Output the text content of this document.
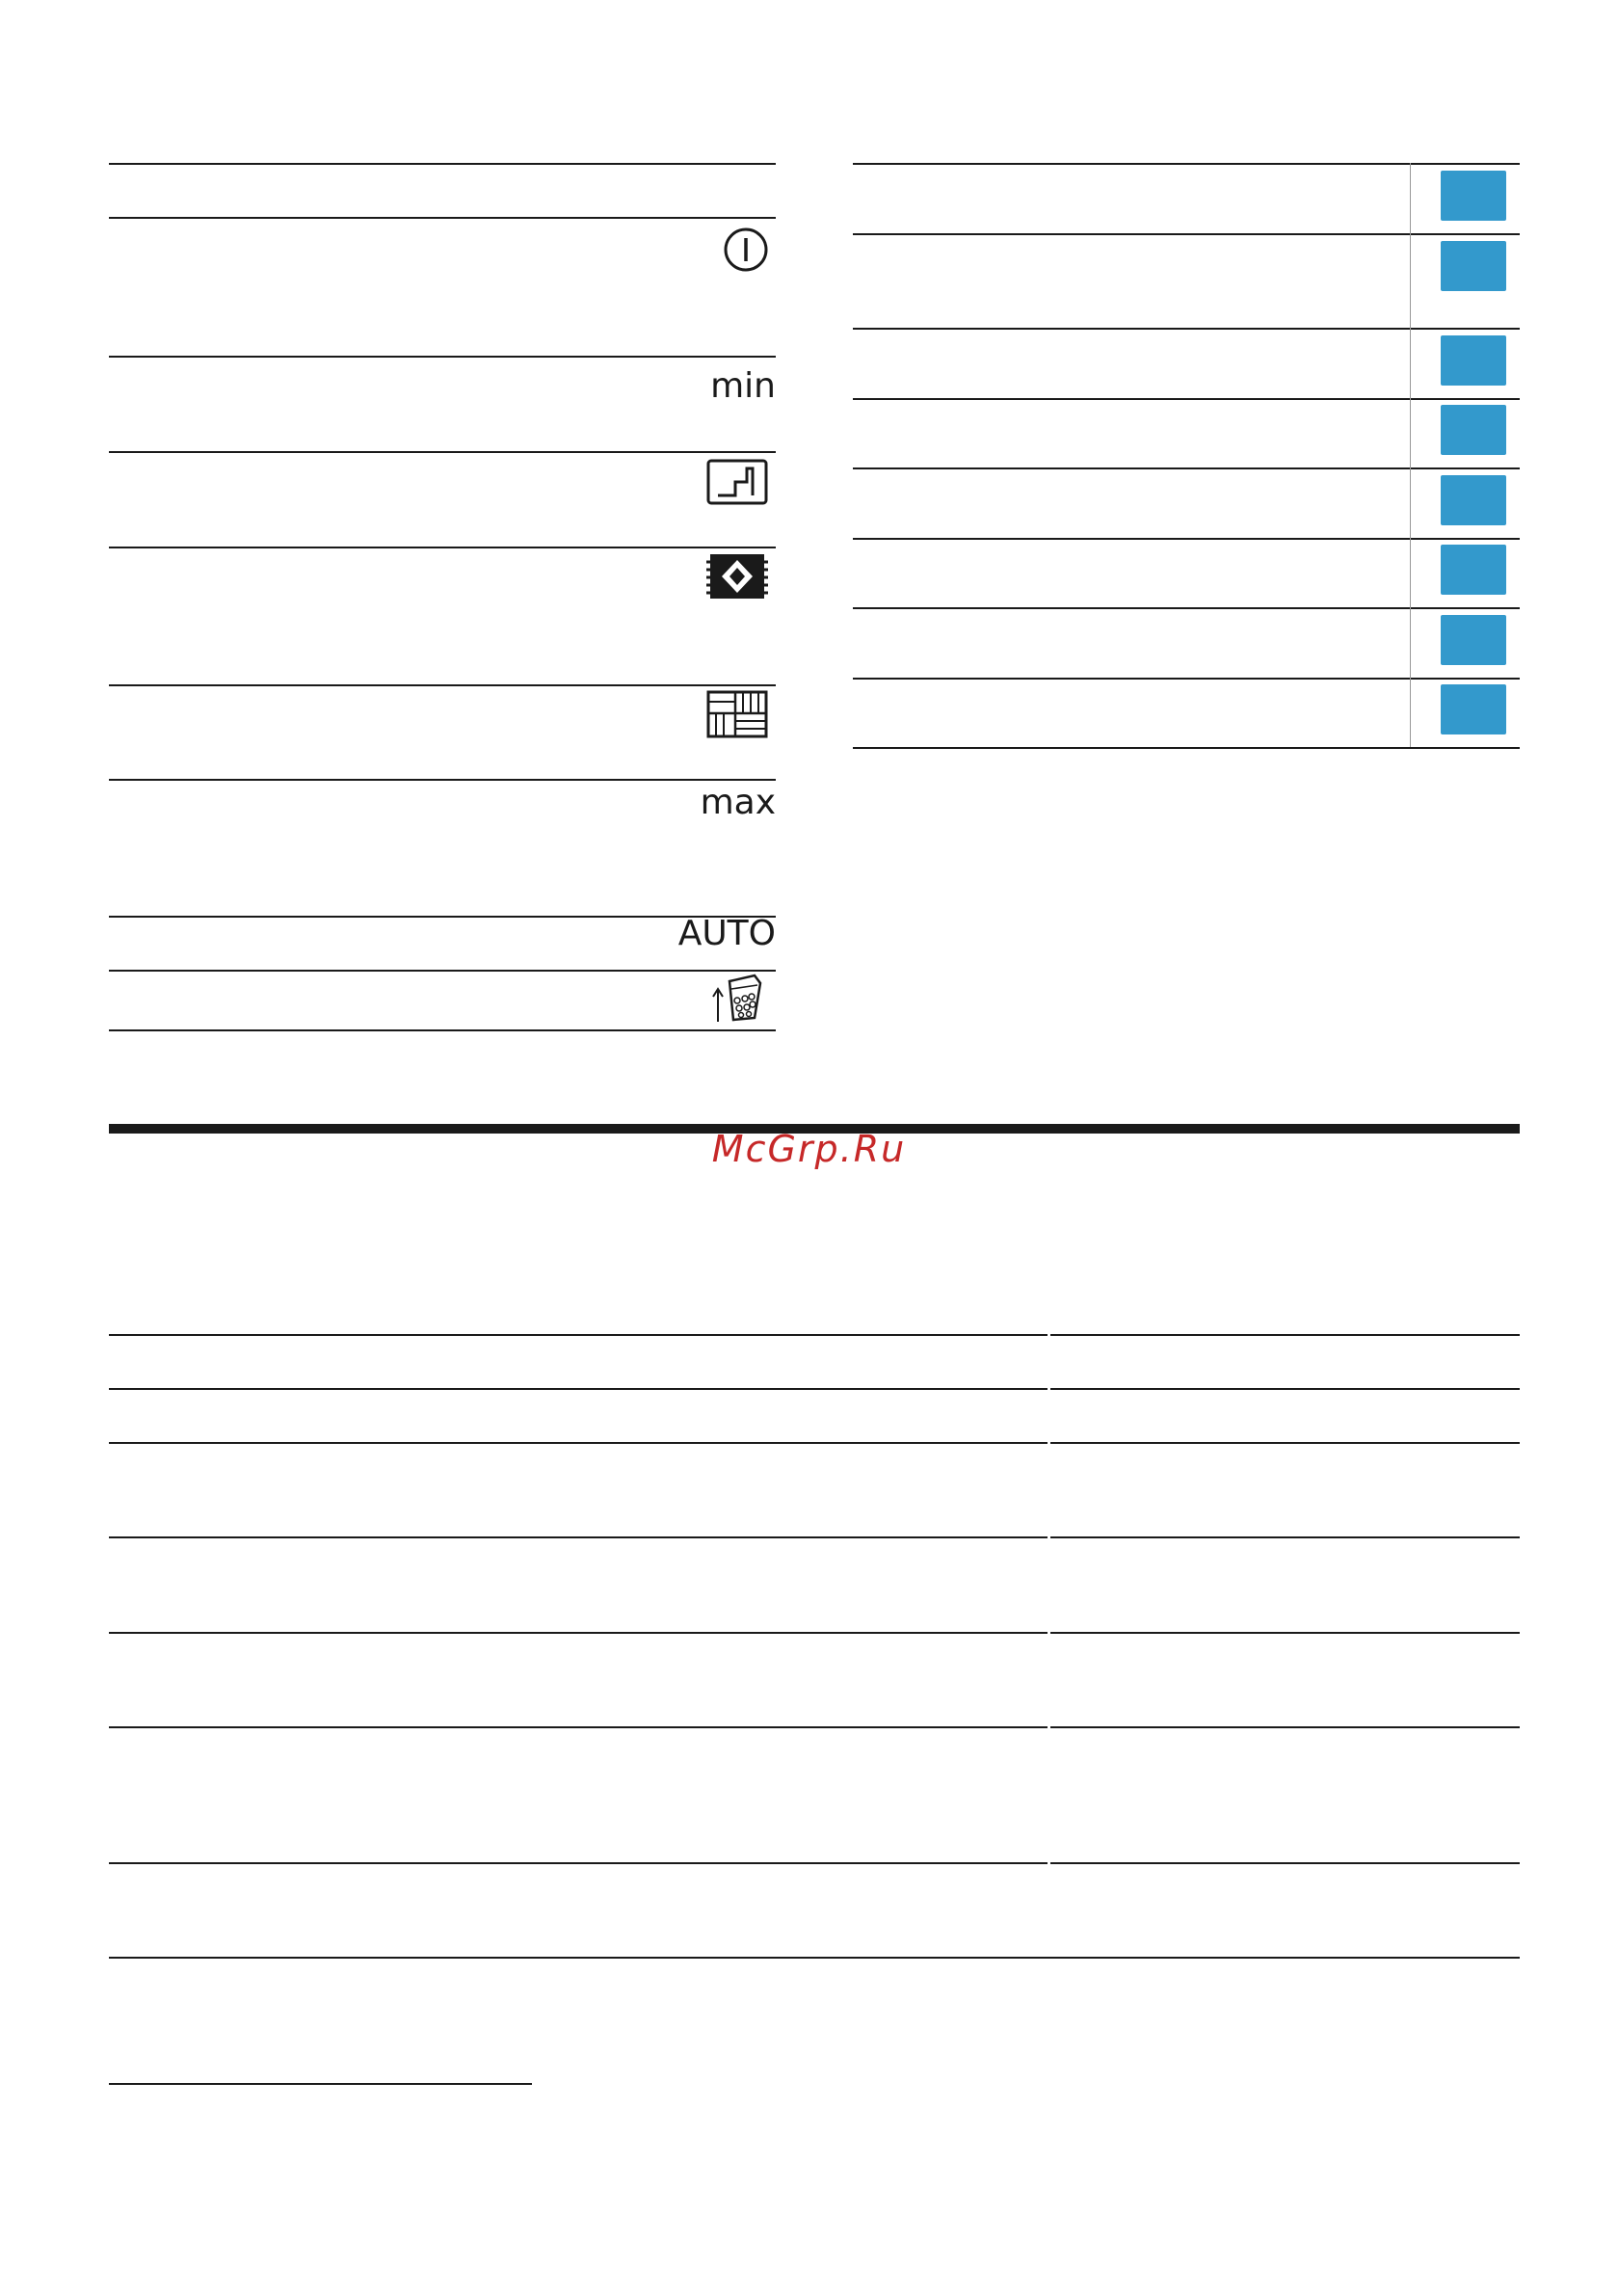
min
max
AUTO
McGrp.Ru
